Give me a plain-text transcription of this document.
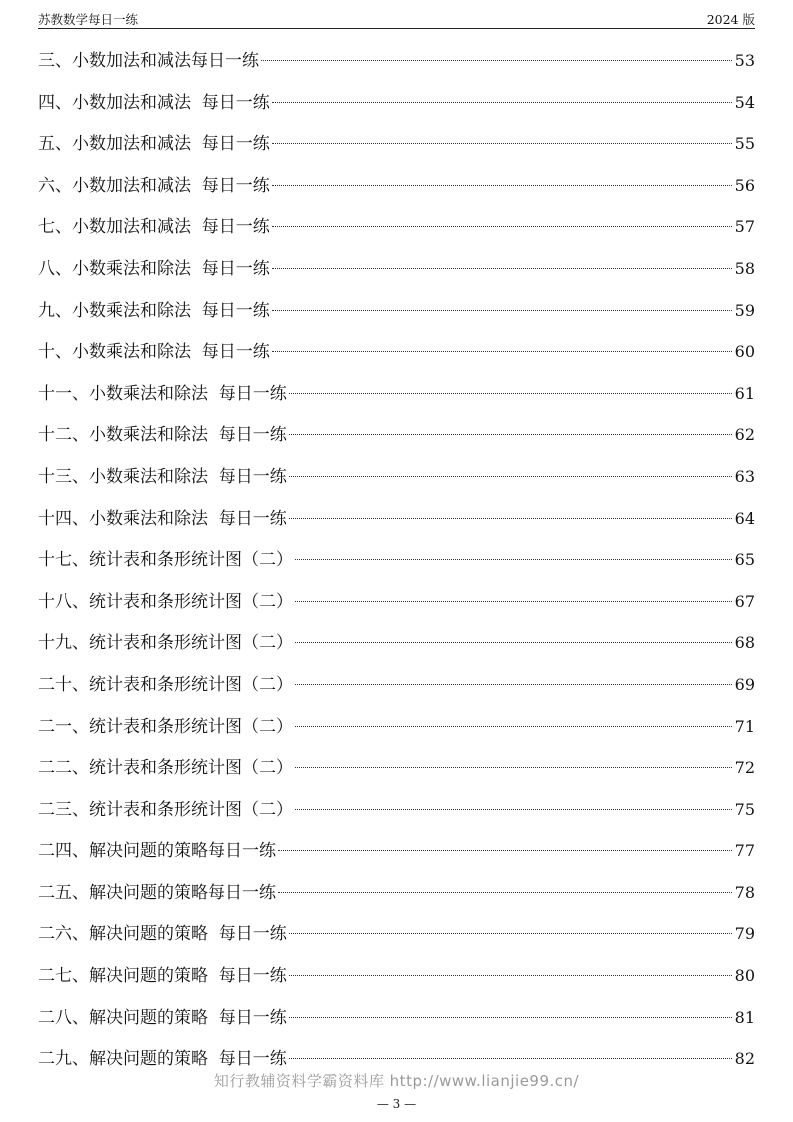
苏教数学每日一练	2024 版
三、小数加法和减法每日一练	53
四、小数加法和减法  每日一练	54
五、小数加法和减法  每日一练	55
六、小数加法和减法  每日一练	56
七、小数加法和减法  每日一练	57
八、小数乘法和除法  每日一练	58
九、小数乘法和除法  每日一练	59
十、小数乘法和除法  每日一练	60
十一、小数乘法和除法  每日一练	61
十二、小数乘法和除法  每日一练	62
十三、小数乘法和除法  每日一练	63
十四、小数乘法和除法  每日一练	64
十七、统计表和条形统计图（二）	65
十八、统计表和条形统计图（二）	67
十九、统计表和条形统计图（二）	68
二十、统计表和条形统计图（二）	69
二一、统计表和条形统计图（二）	71
二二、统计表和条形统计图（二）	72
二三、统计表和条形统计图（二）	75
二四、解决问题的策略每日一练	77
二五、解决问题的策略每日一练	78
二六、解决问题的策略  每日一练	79
二七、解决问题的策略  每日一练	80
二八、解决问题的策略  每日一练	81
二九、解决问题的策略  每日一练	82
知行教辅资料学霸资料库 http://www.lianjie99.cn/
— 3 —
